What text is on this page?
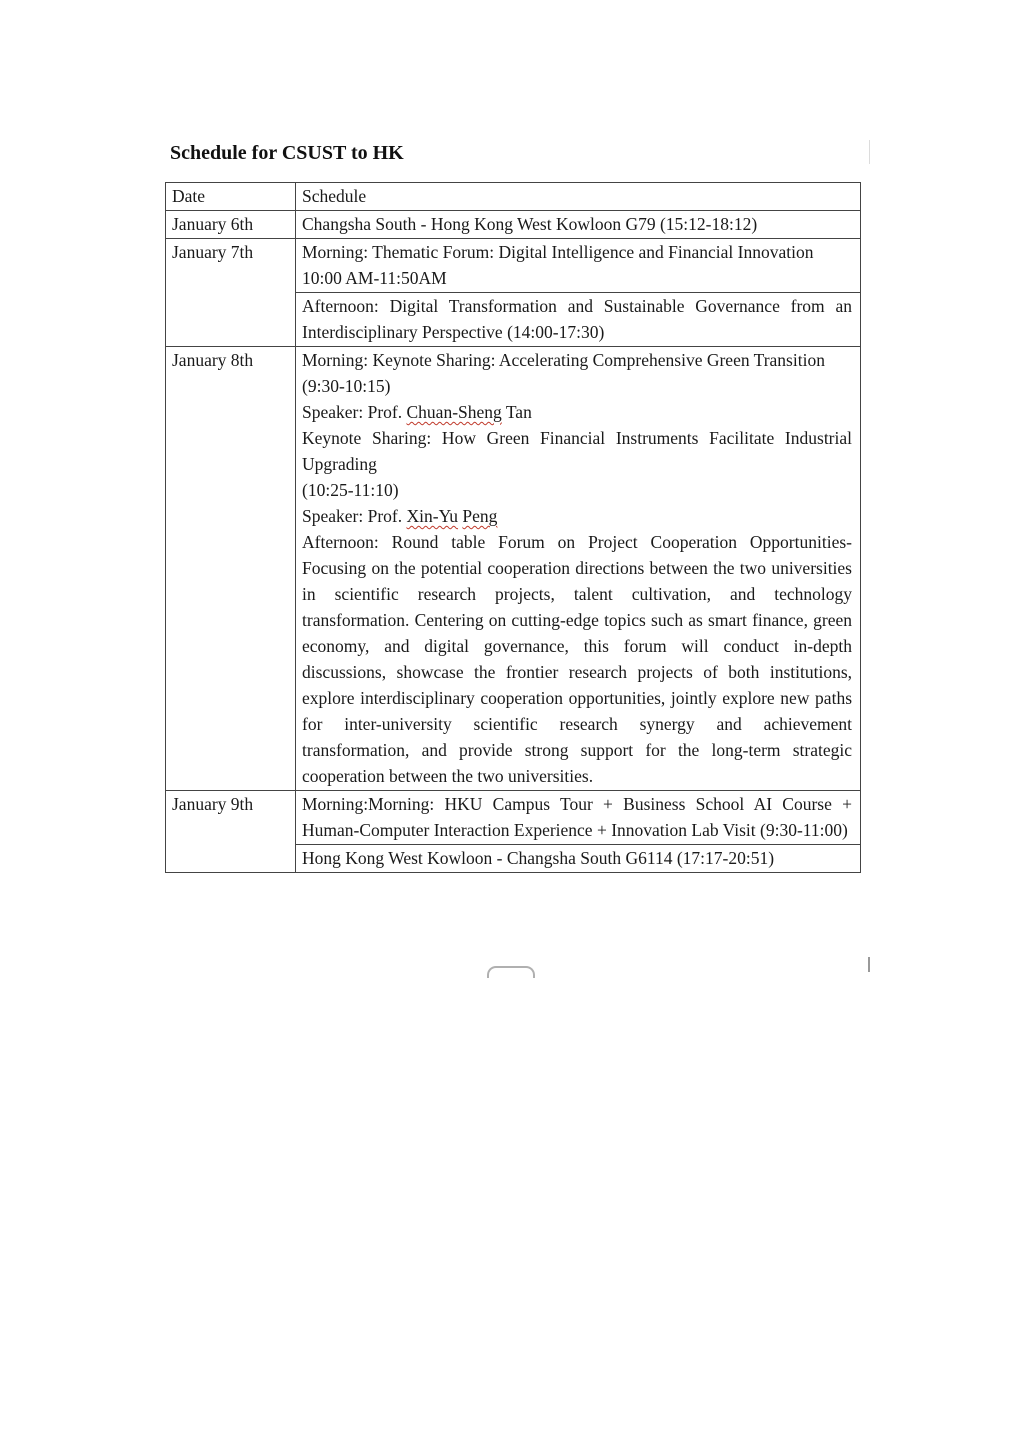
Schedule for CSUST to HK
Date	Schedule
January 6th	Changsha South - Hong Kong West Kowloon G79 (15:12-18:12)

January 7th	Morning: Thematic Forum: Digital Intelligence and Financial Innovation

10:00 AM-11:50AM

	Afternoon: Digital Transformation and Sustainable Governance from an Interdisciplinary Perspective (14:00-17:30)

January 8th	Morning: Keynote Sharing: Accelerating Comprehensive Green Transition

(9:30-10:15)

Speaker: Prof. Chuan-Sheng Tan

Keynote Sharing: How Green Financial Instruments Facilitate Industrial Upgrading

(10:25-11:10)

Speaker: Prof. Xin-Yu Peng

Afternoon: Round table Forum on Project Cooperation Opportunities-Focusing on the potential cooperation directions between the two universities in scientific research projects, talent cultivation, and technology transformation. Centering on cutting-edge topics such as smart finance, green economy, and digital governance, this forum will conduct in-depth discussions, showcase the frontier research projects of both institutions, explore interdisciplinary cooperation opportunities, jointly explore new paths for inter-university scientific research synergy and achievement transformation, and provide strong support for the long-term strategic cooperation between the two universities.

January 9th	Morning:Morning: HKU Campus Tour + Business School AI Course + Human-Computer Interaction Experience + Innovation Lab Visit (9:30-11:00)

	Hong Kong West Kowloon - Changsha South G6114 (17:17-20:51)
